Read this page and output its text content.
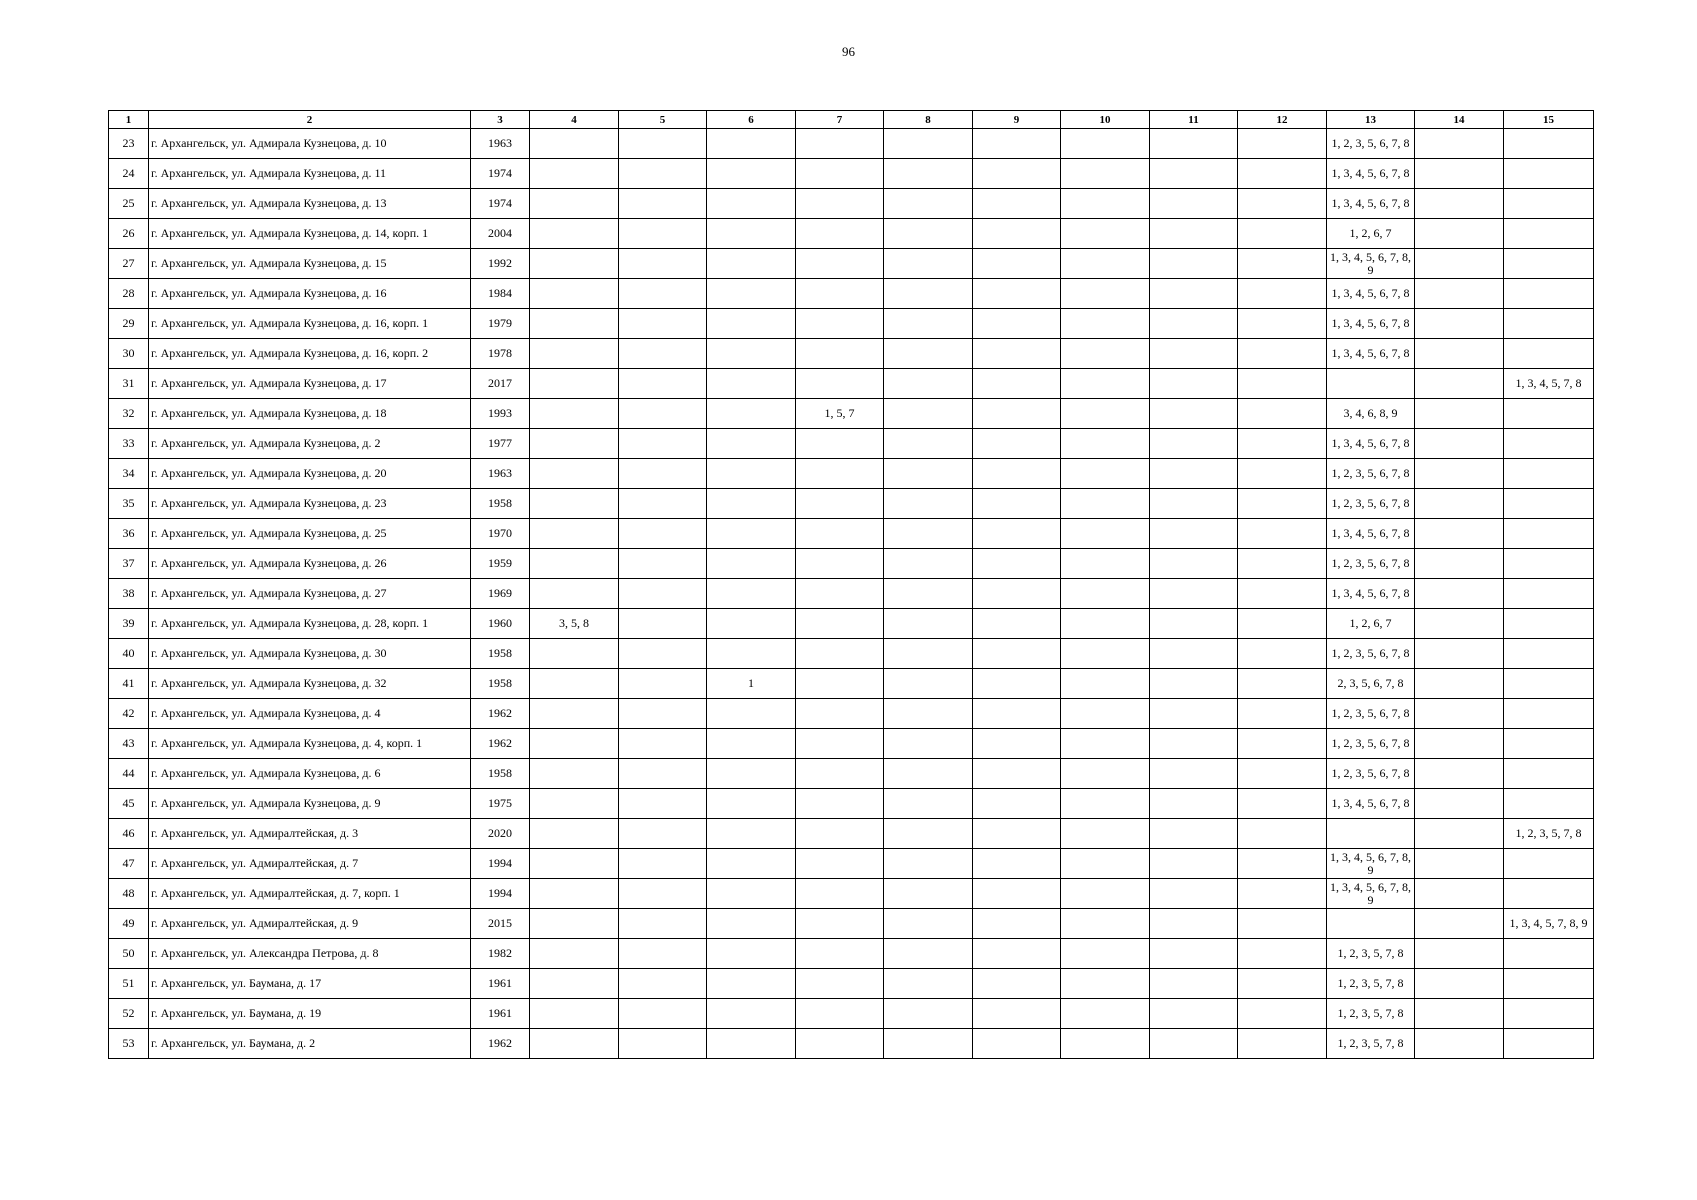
96
1	2	3	4	5	6	7	8	9	10	11	12	13	14	15
23	г. Архангельск, ул. Адмирала Кузнецова, д. 10	1963										1, 2, 3, 5, 6, 7, 8		
24	г. Архангельск, ул. Адмирала Кузнецова, д. 11	1974										1, 3, 4, 5, 6, 7, 8		
25	г. Архангельск, ул. Адмирала Кузнецова, д. 13	1974										1, 3, 4, 5, 6, 7, 8		
26	г. Архангельск, ул. Адмирала Кузнецова, д. 14, корп. 1	2004										1, 2, 6, 7		
27	г. Архангельск, ул. Адмирала Кузнецова, д. 15	1992										1, 3, 4, 5, 6, 7, 8, 9		
28	г. Архангельск, ул. Адмирала Кузнецова, д. 16	1984										1, 3, 4, 5, 6, 7, 8		
29	г. Архангельск, ул. Адмирала Кузнецова, д. 16, корп. 1	1979										1, 3, 4, 5, 6, 7, 8		
30	г. Архангельск, ул. Адмирала Кузнецова, д. 16, корп. 2	1978										1, 3, 4, 5, 6, 7, 8		
31	г. Архангельск, ул. Адмирала Кузнецова, д. 17	2017												1, 3, 4, 5, 7, 8
32	г. Архангельск, ул. Адмирала Кузнецова, д. 18	1993				1, 5, 7						3, 4, 6, 8, 9		
33	г. Архангельск, ул. Адмирала Кузнецова, д. 2	1977										1, 3, 4, 5, 6, 7, 8		
34	г. Архангельск, ул. Адмирала Кузнецова, д. 20	1963										1, 2, 3, 5, 6, 7, 8		
35	г. Архангельск, ул. Адмирала Кузнецова, д. 23	1958										1, 2, 3, 5, 6, 7, 8		
36	г. Архангельск, ул. Адмирала Кузнецова, д. 25	1970										1, 3, 4, 5, 6, 7, 8		
37	г. Архангельск, ул. Адмирала Кузнецова, д. 26	1959										1, 2, 3, 5, 6, 7, 8		
38	г. Архангельск, ул. Адмирала Кузнецова, д. 27	1969										1, 3, 4, 5, 6, 7, 8		
39	г. Архангельск, ул. Адмирала Кузнецова, д. 28, корп. 1	1960	3, 5, 8									1, 2, 6, 7		
40	г. Архангельск, ул. Адмирала Кузнецова, д. 30	1958										1, 2, 3, 5, 6, 7, 8		
41	г. Архангельск, ул. Адмирала Кузнецова, д. 32	1958			1							2, 3, 5, 6, 7, 8		
42	г. Архангельск, ул. Адмирала Кузнецова, д. 4	1962										1, 2, 3, 5, 6, 7, 8		
43	г. Архангельск, ул. Адмирала Кузнецова, д. 4, корп. 1	1962										1, 2, 3, 5, 6, 7, 8		
44	г. Архангельск, ул. Адмирала Кузнецова, д. 6	1958										1, 2, 3, 5, 6, 7, 8		
45	г. Архангельск, ул. Адмирала Кузнецова, д. 9	1975										1, 3, 4, 5, 6, 7, 8		
46	г. Архангельск, ул. Адмиралтейская, д. 3	2020												1, 2, 3, 5, 7, 8
47	г. Архангельск, ул. Адмиралтейская, д. 7	1994										1, 3, 4, 5, 6, 7, 8, 9		
48	г. Архангельск, ул. Адмиралтейская, д. 7, корп. 1	1994										1, 3, 4, 5, 6, 7, 8, 9		
49	г. Архангельск, ул. Адмиралтейская, д. 9	2015												1, 3, 4, 5, 7, 8, 9
50	г. Архангельск, ул. Александра Петрова, д. 8	1982										1, 2, 3, 5, 7, 8		
51	г. Архангельск, ул. Баумана, д. 17	1961										1, 2, 3, 5, 7, 8		
52	г. Архангельск, ул. Баумана, д. 19	1961										1, 2, 3, 5, 7, 8		
53	г. Архангельск, ул. Баумана, д. 2	1962										1, 2, 3, 5, 7, 8		
